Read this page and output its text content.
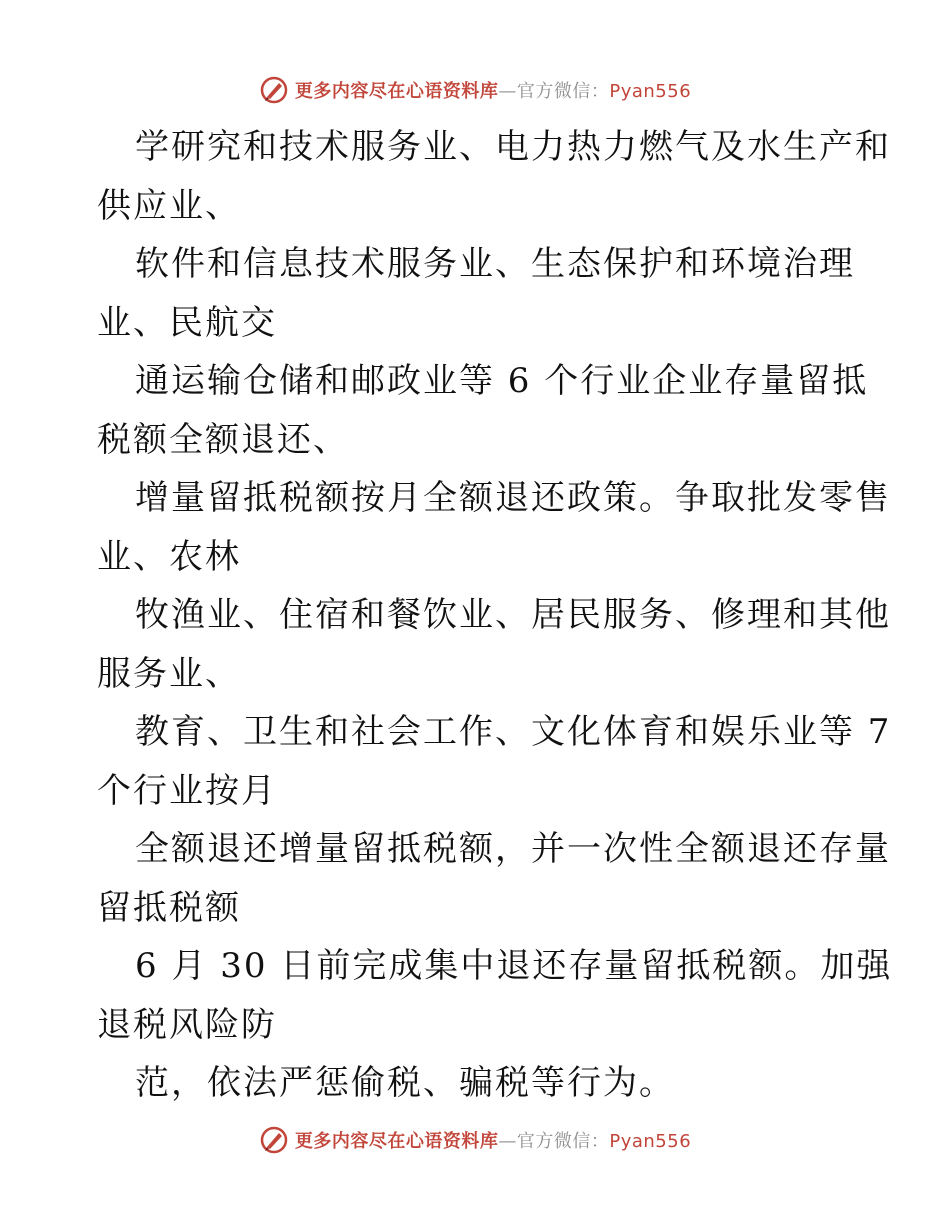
更多内容尽在心语资料库—官方微信：Pyan556
学研究和技术服务业、电力热力燃气及水生产和
供应业、
软件和信息技术服务业、生态保护和环境治理
业、民航交
通运输仓储和邮政业等 6 个行业企业存量留抵
税额全额退还、
增量留抵税额按月全额退还政策。争取批发零售
业、农林
牧渔业、住宿和餐饮业、居民服务、修理和其他
服务业、
教育、卫生和社会工作、文化体育和娱乐业等 7
个行业按月
全额退还增量留抵税额，并一次性全额退还存量
留抵税额
6 月 30 日前完成集中退还存量留抵税额。加强
退税风险防
范，依法严惩偷税、骗税等行为。
更多内容尽在心语资料库—官方微信：Pyan556
